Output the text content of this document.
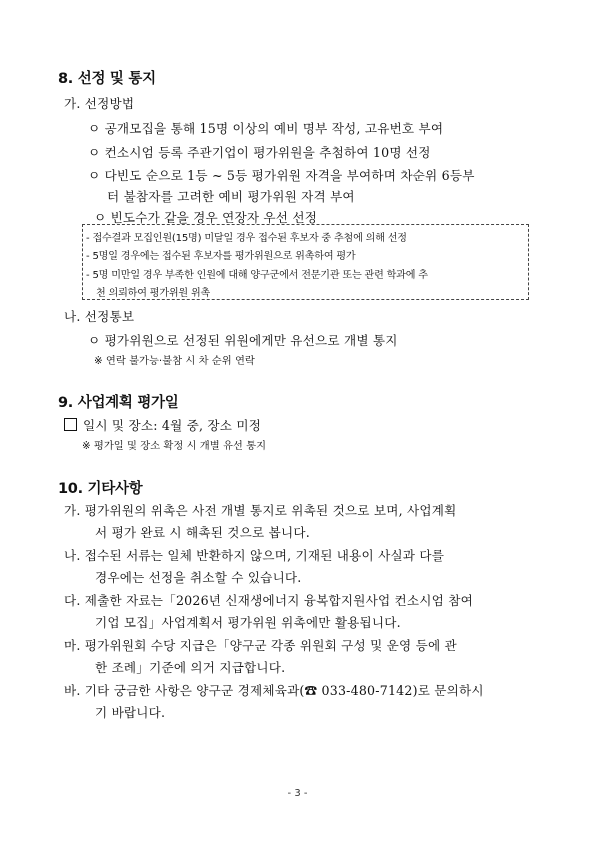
8. 선정 및 통지
가. 선정방법
ㅇ 공개모집을 통해 15명 이상의 예비 명부 작성, 고유번호 부여
ㅇ 컨소시엄 등록 주관기업이 평가위원을 추첨하여 10명 선정
ㅇ 다빈도 순으로 1등 ~ 5등 평가위원 자격을 부여하며 차순위 6등부
터 불참자를 고려한 예비 평가위원 자격 부여
ㅇ 빈도수가 같을 경우 연장자 우선 선정
- 접수결과 모집인원(15명) 미달일 경우 접수된 후보자 중 추첨에 의해 선정
- 5명일 경우에는 접수된 후보자를 평가위원으로 위촉하여 평가
- 5명 미만일 경우 부족한 인원에 대해 양구군에서 전문기관 또는 관련 학과에 추
천 의뢰하여 평가위원 위촉
나. 선정통보
ㅇ 평가위원으로 선정된 위원에게만 유선으로 개별 통지
※ 연락 불가능·불참 시 차 순위 연락
9. 사업계획 평가일
일시 및 장소: 4월 중, 장소 미정
※ 평가일 및 장소 확정 시 개별 유선 통지
10. 기타사항
가. 평가위원의 위촉은 사전 개별 통지로 위촉된 것으로 보며, 사업계획
서 평가 완료 시 해촉된 것으로 봅니다.
나. 접수된 서류는 일체 반환하지 않으며, 기재된 내용이 사실과 다를
경우에는 선정을 취소할 수 있습니다.
다. 제출한 자료는「2026년 신재생에너지 융복합지원사업 컨소시엄 참여
기업 모집」사업계획서 평가위원 위촉에만 활용됩니다.
마. 평가위원회 수당 지급은「양구군 각종 위원회 구성 및 운영 등에 관
한 조례」기준에 의거 지급합니다.
바. 기타 궁금한 사항은 양구군 경제체육과(☎ 033-480-7142)로 문의하시
기 바랍니다.
- 3 -
